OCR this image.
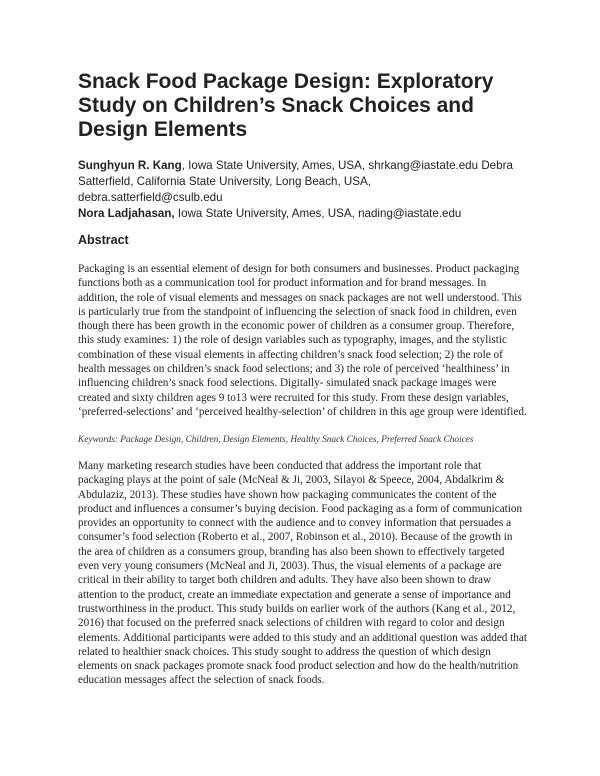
Snack Food Package Design: Exploratory Study on Children’s Snack Choices and Design Elements
Sunghyun R. Kang, Iowa State University, Ames, USA, shrkang@iastate.edu Debra Satterfield, California State University, Long Beach, USA, debra.satterfield@csulb.edu
Nora Ladjahasan, Iowa State University, Ames, USA, nading@iastate.edu
Abstract

Packaging is an essential element of design for both consumers and businesses. Product packaging functions both as a communication tool for product information and for brand messages. In addition, the role of visual elements and messages on snack packages are not well understood. This is particularly true from the standpoint of influencing the selection of snack food in children, even though there has been growth in the economic power of children as a consumer group. Therefore, this study examines: 1) the role of design variables such as typography, images, and the stylistic combination of these visual elements in affecting children’s snack food selection; 2) the role of health messages on children’s snack food selections; and 3) the role of perceived ‘healthiness’ in influencing children’s snack food selections. Digitally- simulated snack package images were created and sixty children ages 9 to13 were recruited for this study. From these design variables, ‘preferred-selections’ and ‘perceived healthy-selection’ of children in this age group were identified.

Keywords: Package Design, Children, Design Elements, Healthy Snack Choices, Preferred Snack Choices

Many marketing research studies have been conducted that address the important role that packaging plays at the point of sale (McNeal & Ji, 2003, Silayoi & Speece, 2004, Abdalkrim & Abdulaziz, 2013). These studies have shown how packaging communicates the content of the product and influences a consumer’s buying decision. Food packaging as a form of communication provides an opportunity to connect with the audience and to convey information that persuades a consumer’s food selection (Roberto et al., 2007, Robinson et al., 2010). Because of the growth in the area of children as a consumers group, branding has also been shown to effectively targeted even very young consumers (McNeal and Ji, 2003). Thus, the visual elements of a package are critical in their ability to target both children and adults. They have also been shown to draw attention to the product, create an immediate expectation and generate a sense of importance and trustworthiness in the product. This study builds on earlier work of the authors (Kang et al., 2012, 2016) that focused on the preferred snack selections of children with regard to color and design elements. Additional participants were added to this study and an additional question was added that related to healthier snack choices. This study sought to address the question of which design elements on snack packages promote snack food product selection and how do the health/nutrition education messages affect the selection of snack foods.
